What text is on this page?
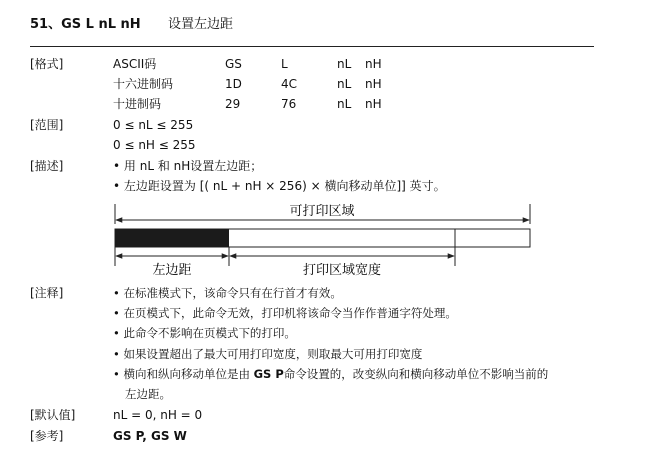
51、GS L nL nH 设置左边距
[格式]	ASCII码	GS	L	nL nH
十六进制码	1D	4C	nL nH
十进制码	29	76	nL nH
[范围]	0 ≤ nL ≤ 255
0 ≤ nH ≤ 255
[描述]	• 用 nL 和 nH设置左边距；
• 左边距设置为 [( nL + nH × 256) × 横向移动单位]] 英寸。
可打印区域
左边距	打印区域宽度
[注释]	• 在标准模式下，该命令只有在行首才有效。
• 在页模式下，此命令无效，打印机将该命令当作作普通字符处理。
• 此命令不影响在页模式下的打印。
• 如果设置超出了最大可用打印宽度，则取最大可用打印宽度
• 横向和纵向移动单位是由 GS P命令设置的，改变纵向和横向移动单位不影响当前的
左边距。
[默认值]	nL = 0, nH = 0
[参考]	GS P, GS W
